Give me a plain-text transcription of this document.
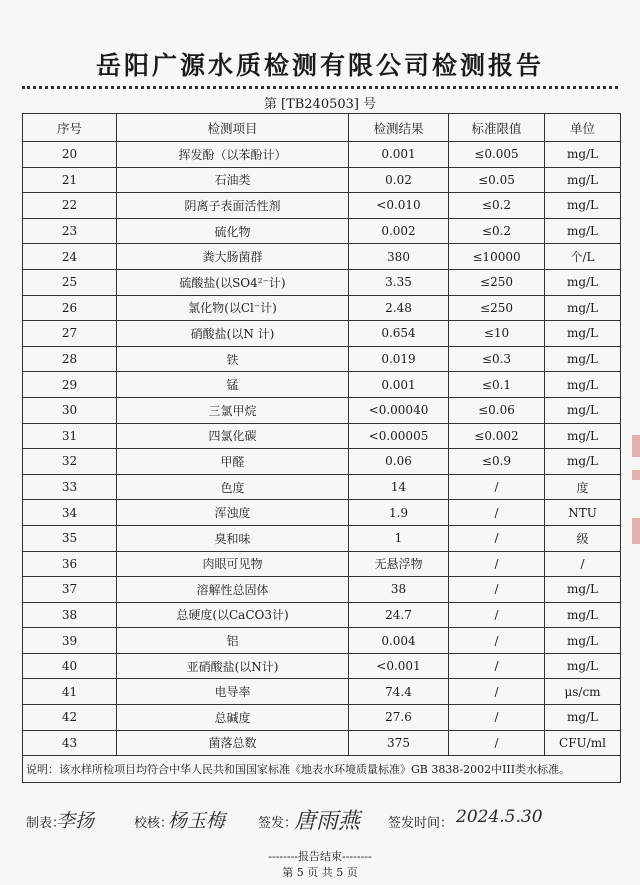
岳阳广源水质检测有限公司检测报告
第 [TB240503] 号
序号	检测项目	检测结果	标准限值	单位
20	挥发酚（以苯酚计）	0.001	≤0.005	mg/L
21	石油类	0.02	≤0.05	mg/L
22	阴离子表面活性剂	<0.010	≤0.2	mg/L
23	硫化物	0.002	≤0.2	mg/L
24	粪大肠菌群	380	≤10000	个/L
25	硫酸盐(以SO4²⁻计)	3.35	≤250	mg/L
26	氯化物(以Cl⁻计)	2.48	≤250	mg/L
27	硝酸盐(以N 计)	0.654	≤10	mg/L
28	铁	0.019	≤0.3	mg/L
29	锰	0.001	≤0.1	mg/L
30	三氯甲烷	<0.00040	≤0.06	mg/L
31	四氯化碳	<0.00005	≤0.002	mg/L
32	甲醛	0.06	≤0.9	mg/L
33	色度	14	/	度
34	浑浊度	1.9	/	NTU
35	臭和味	1	/	级
36	肉眼可见物	无悬浮物	/	/
37	溶解性总固体	38	/	mg/L
38	总硬度(以CaCO3计)	24.7	/	mg/L
39	铝	0.004	/	mg/L
40	亚硝酸盐(以N计)	<0.001	/	mg/L
41	电导率	74.4	/	μs/cm
42	总碱度	27.6	/	mg/L
43	菌落总数	375	/	CFU/ml
说明：该水样所检项目均符合中华人民共和国国家标准《地表水环境质量标准》GB 3838-2002中III类水标准。				
制表：
李扬	校核：
杨玉梅	签发：
唐雨燕 签发时间： 2024.5.30
--------报告结束--------
第 5 页 共 5 页
